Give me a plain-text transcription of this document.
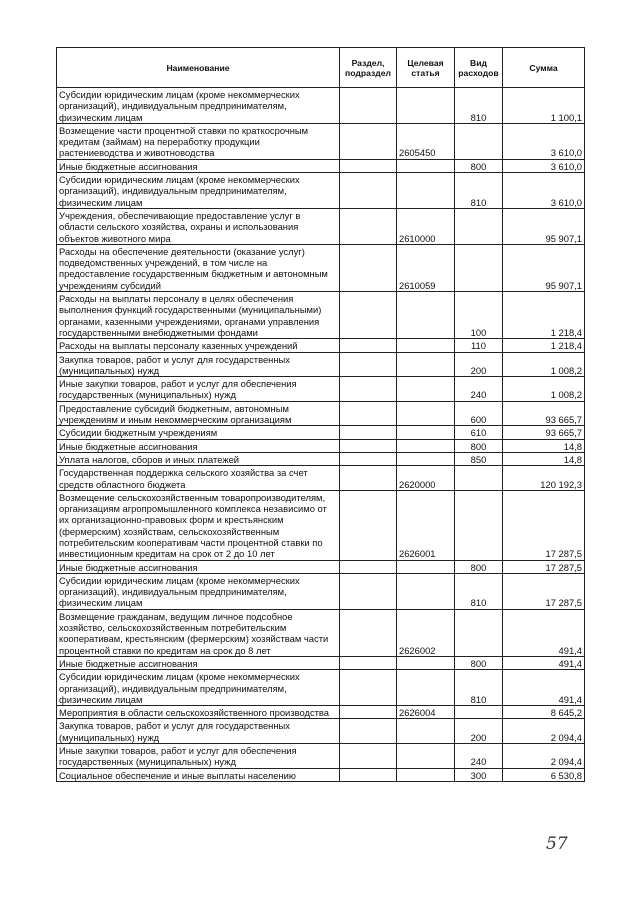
Наименование	Раздел, подраздел	Целевая статья	Вид расходов	Сумма
Субсидии юридическим лицам (кроме некоммерческих организаций), индивидуальным предпринимателям, физическим лицам			810	1 100,1
Возмещение части процентной ставки по краткосрочным кредитам (займам) на переработку продукции растениеводства и животноводства		2605450		3 610,0
Иные бюджетные ассигнования			800	3 610,0
Субсидии юридическим лицам (кроме некоммерческих организаций), индивидуальным предпринимателям, физическим лицам			810	3 610,0
Учреждения, обеспечивающие предоставление услуг в области сельского хозяйства, охраны и использования объектов животного мира		2610000		95 907,1
Расходы на обеспечение деятельности (оказание услуг) подведомственных учреждений, в том числе на предоставление государственным бюджетным и автономным учреждениям субсидий		2610059		95 907,1
Расходы на выплаты персоналу в целях обеспечения выполнения функций государственными (муниципальными) органами, казенными учреждениями, органами управления государственными внебюджетными фондами			100	1 218,4
Расходы на выплаты персоналу казенных учреждений			110	1 218,4
Закупка товаров, работ и услуг для государственных (муниципальных) нужд			200	1 008,2
Иные закупки товаров, работ и услуг для обеспечения государственных (муниципальных) нужд			240	1 008,2
Предоставление субсидий бюджетным, автономным учреждениям и иным некоммерческим организациям			600	93 665,7
Субсидии бюджетным учреждениям			610	93 665,7
Иные бюджетные ассигнования			800	14,8
Уплата налогов, сборов и иных платежей			850	14,8
Государственная поддержка сельского хозяйства за счет средств областного бюджета		2620000		120 192,3
Возмещение сельскохозяйственным товаропроизводителям, организациям агропромышленного комплекса независимо от их организационно-правовых форм и крестьянским (фермерским) хозяйствам, сельскохозяйственным потребительским кооперативам части процентной ставки по инвестиционным кредитам на срок от 2 до 10 лет		2626001		17 287,5
Иные бюджетные ассигнования			800	17 287,5
Субсидии юридическим лицам (кроме некоммерческих организаций), индивидуальным предпринимателям, физическим лицам			810	17 287,5
Возмещение гражданам, ведущим личное подсобное хозяйство, сельскохозяйственным потребительским кооперативам, крестьянским (фермерским) хозяйствам части процентной ставки по кредитам на срок до 8 лет		2626002		491,4
Иные бюджетные ассигнования			800	491,4
Субсидии юридическим лицам (кроме некоммерческих организаций), индивидуальным предпринимателям, физическим лицам			810	491,4
Мероприятия в области сельскохозяйственного производства		2626004		8 645,2
Закупка товаров, работ и услуг для государственных (муниципальных) нужд			200	2 094,4
Иные закупки товаров, работ и услуг для обеспечения государственных (муниципальных) нужд			240	2 094,4
Социальное обеспечение и иные выплаты населению			300	6 530,8
57
